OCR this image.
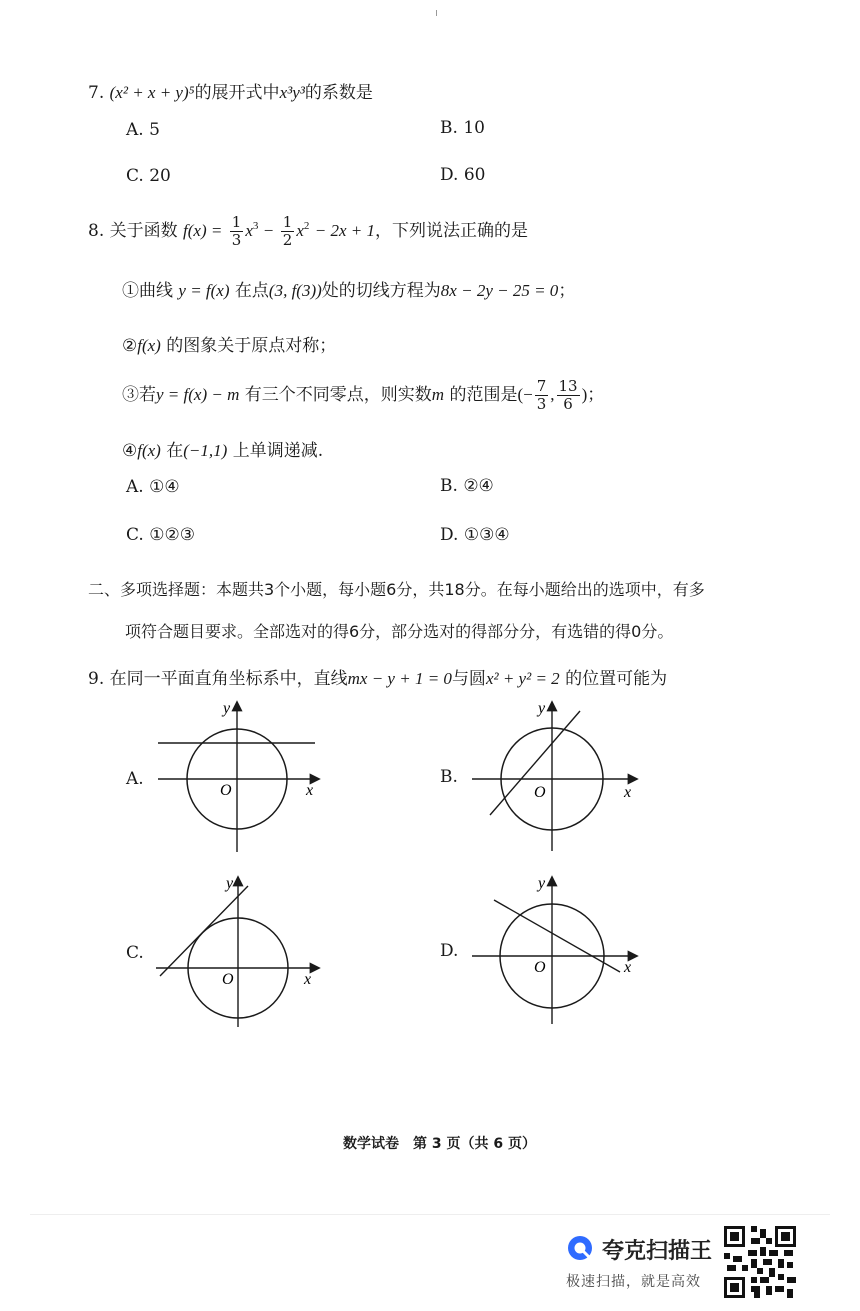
7. (x² + x + y)⁵的展开式中x³y³的系数是
A. 5	B. 10
C. 20	D. 60
8. 关于函数 $f(x) = \frac{1}{3} x^3 - \frac{1}{2} x^2 - 2x + 1$，下列说法正确的是
①曲线 y = f(x) 在点(3, f(3))处的切线方程为8x − 2y − 25 = 0；
②f(x) 的图象关于原点对称；
③若y = f(x) − m 有三个不同零点，则实数m 的范围是(− $\frac{7}{3}$ , $\frac{13}{6}$ )；
④f(x) 在(−1,1) 上单调递减.
A. ①④	B. ②④
C. ①②③	D. ①③④
二、多项选择题：本题共3个小题，每小题6分，共18分。在每小题给出的选项中，有多
项符合题目要求。全部选对的得6分，部分选对的得部分分，有选错的得0分。
9. 在同一平面直角坐标系中，直线mx − y + 1 = 0与圆x² + y² = 2 的位置可能为
A.	B.
C.	D.
x
y
O	x
y
O
x
y
O
x
y
O
数学试卷　第 3 页（共 6 页）
夸克扫描王
极速扫描，就是高效
